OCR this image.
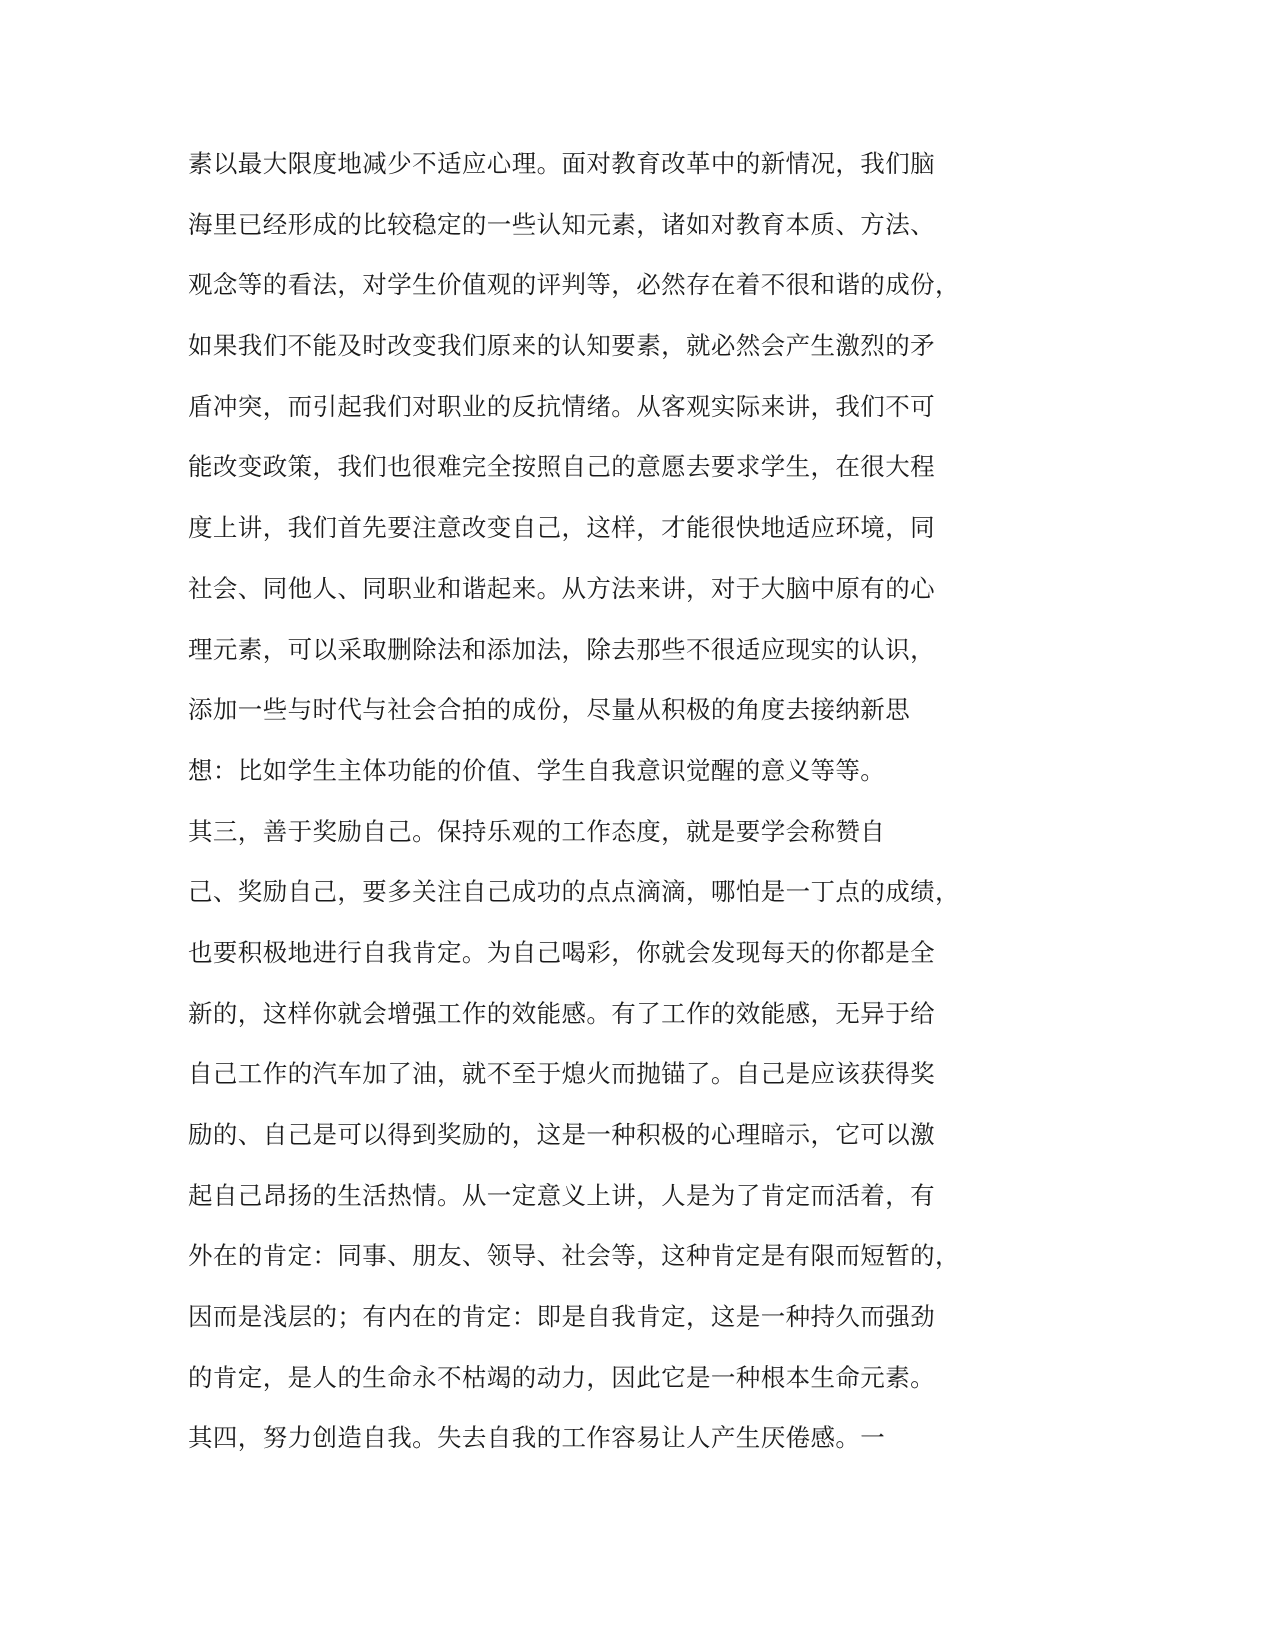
素以最大限度地减少不适应心理。面对教育改革中的新情况，我们脑
海里已经形成的比较稳定的一些认知元素，诸如对教育本质、方法、
观念等的看法，对学生价值观的评判等，必然存在着不很和谐的成份，
如果我们不能及时改变我们原来的认知要素，就必然会产生激烈的矛
盾冲突，而引起我们对职业的反抗情绪。从客观实际来讲，我们不可
能改变政策，我们也很难完全按照自己的意愿去要求学生，在很大程
度上讲，我们首先要注意改变自己，这样，才能很快地适应环境，同
社会、同他人、同职业和谐起来。从方法来讲，对于大脑中原有的心
理元素，可以采取删除法和添加法，除去那些不很适应现实的认识，
添加一些与时代与社会合拍的成份，尽量从积极的角度去接纳新思
想：比如学生主体功能的价值、学生自我意识觉醒的意义等等。
其三，善于奖励自己。保持乐观的工作态度，就是要学会称赞自
己、奖励自己，要多关注自己成功的点点滴滴，哪怕是一丁点的成绩，
也要积极地进行自我肯定。为自己喝彩，你就会发现每天的你都是全
新的，这样你就会增强工作的效能感。有了工作的效能感，无异于给
自己工作的汽车加了油，就不至于熄火而抛锚了。自己是应该获得奖
励的、自己是可以得到奖励的，这是一种积极的心理暗示，它可以激
起自己昂扬的生活热情。从一定意义上讲，人是为了肯定而活着，有
外在的肯定：同事、朋友、领导、社会等，这种肯定是有限而短暂的，
因而是浅层的；有内在的肯定：即是自我肯定，这是一种持久而强劲
的肯定，是人的生命永不枯竭的动力，因此它是一种根本生命元素。
其四，努力创造自我。失去自我的工作容易让人产生厌倦感。一
